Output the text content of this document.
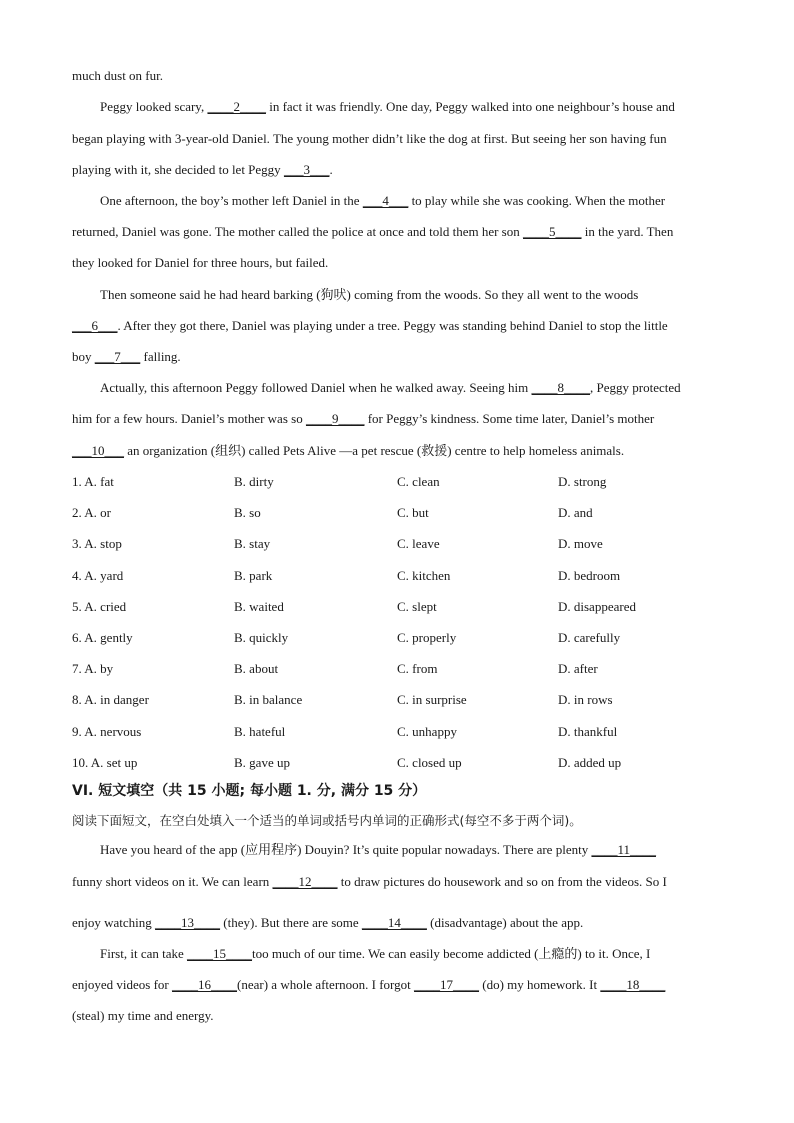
much dust on fur.
Peggy looked scary, ____2____ in fact it was friendly. One day, Peggy walked into one neighbour’s house and
began playing with 3-year-old Daniel. The young mother didn’t like the dog at first. But seeing her son having fun
playing with it, she decided to let Peggy ___3___.
One afternoon, the boy’s mother left Daniel in the ___4___ to play while she was cooking. When the mother
returned, Daniel was gone. The mother called the police at once and told them her son ____5____ in the yard. Then
they looked for Daniel for three hours, but failed.
Then someone said he had heard barking (狗吠) coming from the woods. So they all went to the woods
___6___. After they got there, Daniel was playing under a tree. Peggy was standing behind Daniel to stop the little
boy ___7___ falling.
Actually, this afternoon Peggy followed Daniel when he walked away. Seeing him ____8____, Peggy protected
him for a few hours. Daniel’s mother was so ____9____ for Peggy’s kindness. Some time later, Daniel’s mother
___10___ an organization (组织) called Pets Alive —a pet rescue (救援) centre to help homeless animals.
1. A. fat	B. dirty	C. clean	D. strong
2. A. or	B. so	C. but	D. and
3. A. stop	B. stay	C. leave	D. move
4. A. yard	B. park	C. kitchen	D. bedroom
5. A. cried	B. waited	C. slept	D. disappeared
6. A. gently	B. quickly	C. properly	D. carefully
7. A. by	B. about	C. from	D. after
8. A. in danger	B. in balance	C. in surprise	D. in rows
9. A. nervous	B. hateful	C. unhappy	D. thankful
10. A. set up	B. gave up	C. closed up	D. added up
VI. 短文填空（共 15 小题; 每小题 1. 分, 满分 15 分）
阅读下面短文，在空白处填入一个适当的单词或括号内单词的正确形式(每空不多于两个词)。
Have you heard of the app (应用程序) Douyin? It’s quite popular nowadays. There are plenty ____11____
funny short videos on it. We can learn ____12____ to draw pictures do housework and so on from the videos. So I
enjoy watching ____13____ (they). But there are some ____14____ (disadvantage) about the app.
First, it can take ____15____too much of our time. We can easily become addicted (上瘾的) to it. Once, I
enjoyed videos for ____16____(near) a whole afternoon. I forgot ____17____ (do) my homework. It ____18____
(steal) my time and energy.
